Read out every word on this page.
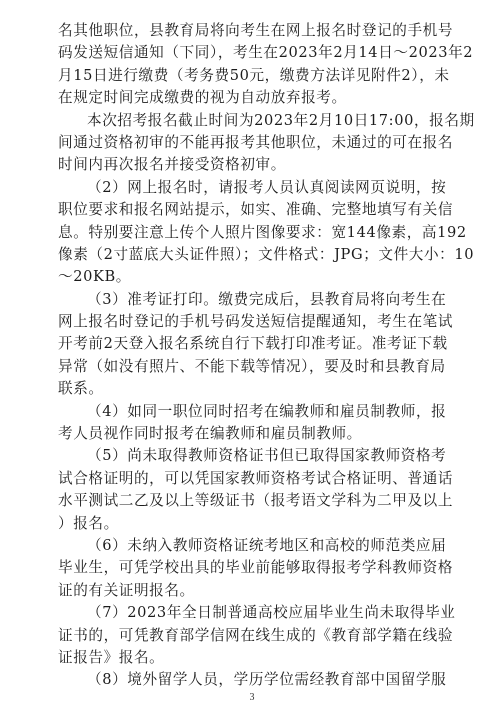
名其他职位，县教育局将向考生在网上报名时登记的手机号
码发送短信通知（下同），考生在2023年2月14日～2023年2
月15日进行缴费（考务费50元，缴费方法详见附件2），未
在规定时间完成缴费的视为自动放弃报考。
本次招考报名截止时间为2023年2月10日17:00，报名期
间通过资格初审的不能再报考其他职位，未通过的可在报名
时间内再次报名并接受资格初审。
（2）网上报名时，请报考人员认真阅读网页说明，按
职位要求和报名网站提示，如实、准确、完整地填写有关信
息。特别要注意上传个人照片图像要求：宽144像素，高192
像素（2寸蓝底大头证件照）；文件格式：JPG；文件大小：10
～20KB。
（3）准考证打印。缴费完成后，县教育局将向考生在
网上报名时登记的手机号码发送短信提醒通知，考生在笔试
开考前2天登入报名系统自行下载打印准考证。准考证下载
异常（如没有照片、不能下载等情况），要及时和县教育局
联系。
（4）如同一职位同时招考在编教师和雇员制教师，报
考人员视作同时报考在编教师和雇员制教师。
（5）尚未取得教师资格证书但已取得国家教师资格考
试合格证明的，可以凭国家教师资格考试合格证明、普通话
水平测试二乙及以上等级证书（报考语文学科为二甲及以上
）报名。
（6）未纳入教师资格证统考地区和高校的师范类应届
毕业生，可凭学校出具的毕业前能够取得报考学科教师资格
证的有关证明报名。
（7）2023年全日制普通高校应届毕业生尚未取得毕业
证书的，可凭教育部学信网在线生成的《教育部学籍在线验
证报告》报名。
（8）境外留学人员，学历学位需经教育部中国留学服
3
